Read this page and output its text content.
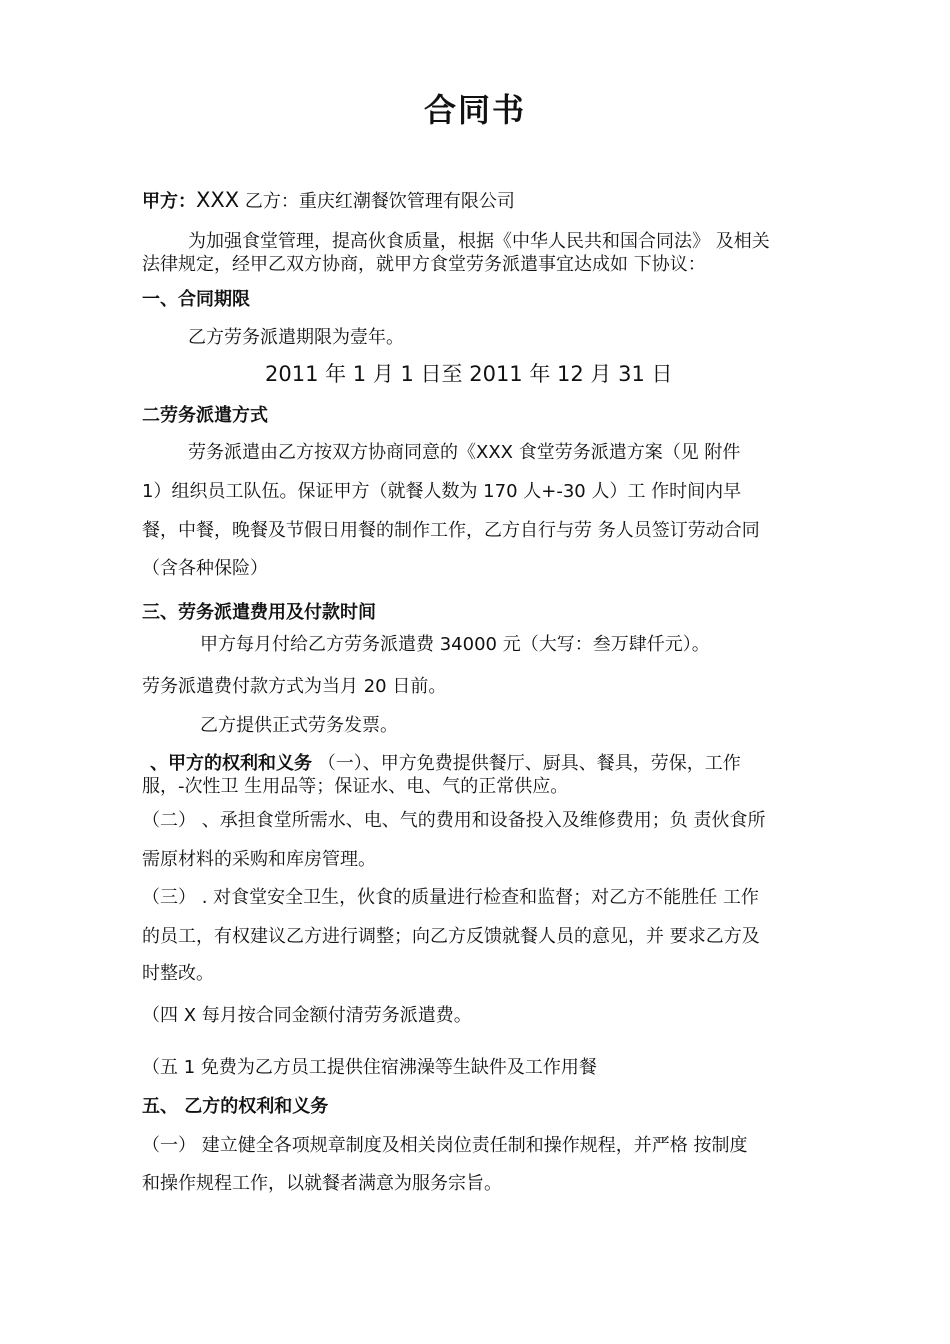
合同书
甲方：XXX 乙方：重庆红潮餐饮管理有限公司
为加强食堂管理，提高伙食质量，根据《中华人民共和国合同法》 及相关
法律规定，经甲乙双方协商，就甲方食堂劳务派遣事宜达成如 下协议：
一、合同期限
乙方劳务派遣期限为壹年。
2011 年 1 月 1 日至 2011 年 12 月 31 日
二劳务派遣方式
劳务派遣由乙方按双方协商同意的《XXX 食堂劳务派遣方案（见 附件
1）组织员工队伍。保证甲方（就餐人数为 170 人+-30 人）工 作时间内早
餐，中餐，晚餐及节假日用餐的制作工作，乙方自行与劳 务人员签订劳动合同
（含各种保险）
三、劳务派遣费用及付款时间
甲方每月付给乙方劳务派遣费 34000 元（大写：叁万肆仟元）。
劳务派遣费付款方式为当月 20 日前。
乙方提供正式劳务发票。
、甲方的权利和义务 （一）、甲方免费提供餐厅、厨具、餐具，劳保，工作
服，-次性卫 生用品等；保证水、电、气的正常供应。
（二） 、承担食堂所需水、电、气的费用和设备投入及维修费用；负 责伙食所
需原材料的采购和库房管理。
（三） . 对食堂安全卫生，伙食的质量进行检查和监督；对乙方不能胜任 工作
的员工，有权建议乙方进行调整；向乙方反馈就餐人员的意见，并 要求乙方及
时整改。
（四 X 每月按合同金额付清劳务派遣费。
（五 1 免费为乙方员工提供住宿沸澡等生缺件及工作用餐
五、 乙方的权利和义务
（一） 建立健全各项规章制度及相关岗位责任制和操作规程，并严格 按制度
和操作规程工作，以就餐者满意为服务宗旨。
